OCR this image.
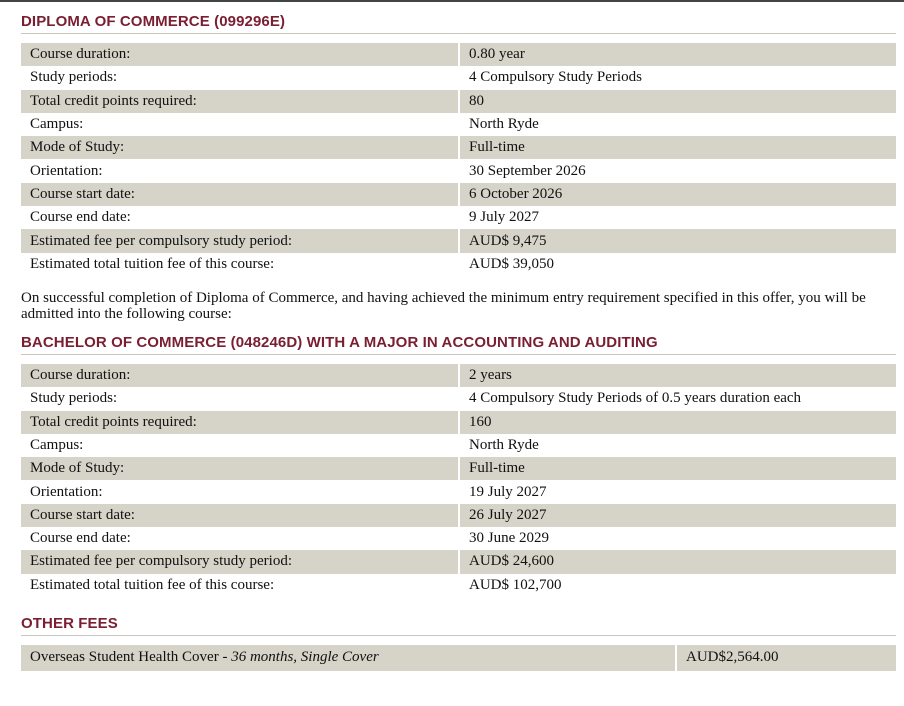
DIPLOMA OF COMMERCE (099296E)
Course duration:	0.80 year
Study periods:	4 Compulsory Study Periods
Total credit points required:	80
Campus:	North Ryde
Mode of Study:	Full-time
Orientation:	30 September 2026
Course start date:	6 October 2026
Course end date:	9 July 2027
Estimated fee per compulsory study period:	AUD$ 9,475
Estimated total tuition fee of this course:	AUD$ 39,050

On successful completion of Diploma of Commerce, and having achieved the minimum entry requirement specified in this offer, you will be admitted into the following course:

BACHELOR OF COMMERCE (048246D) WITH A MAJOR IN ACCOUNTING AND AUDITING
Course duration:	2 years
Study periods:	4 Compulsory Study Periods of 0.5 years duration each
Total credit points required:	160
Campus:	North Ryde
Mode of Study:	Full-time
Orientation:	19 July 2027
Course start date:	26 July 2027
Course end date:	30 June 2029
Estimated fee per compulsory study period:	AUD$ 24,600
Estimated total tuition fee of this course:	AUD$ 102,700
OTHER FEES
Overseas Student Health Cover - 36 months, Single Cover	AUD$2,564.00
